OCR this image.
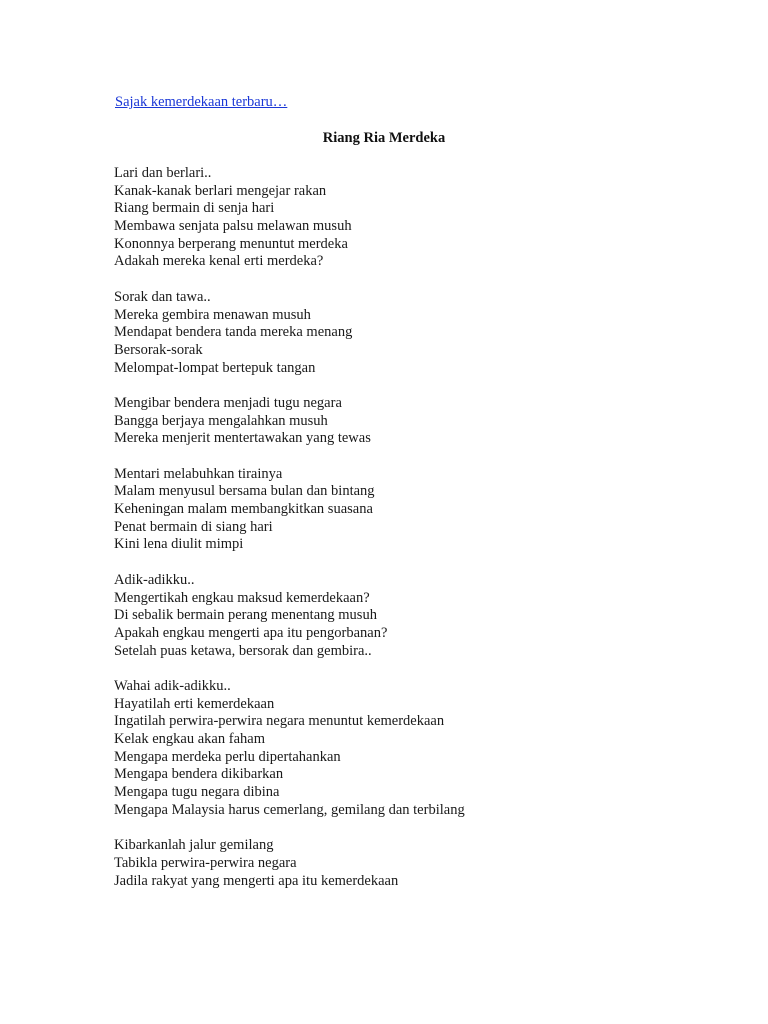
Sajak kemerdekaan terbaru…
Riang Ria Merdeka
Lari dan berlari..
Kanak-kanak berlari mengejar rakan
Riang bermain di senja hari
Membawa senjata palsu melawan musuh
Kononnya berperang menuntut merdeka
Adakah mereka kenal erti merdeka?
Sorak dan tawa..
Mereka gembira menawan musuh
Mendapat bendera tanda mereka menang
Bersorak-sorak
Melompat-lompat bertepuk tangan
Mengibar bendera menjadi tugu negara
Bangga berjaya mengalahkan musuh
Mereka menjerit mentertawakan yang tewas
Mentari melabuhkan tirainya
Malam menyusul bersama bulan dan bintang
Keheningan malam membangkitkan suasana
Penat bermain di siang hari
Kini lena diulit mimpi
Adik-adikku..
Mengertikah engkau maksud kemerdekaan?
Di sebalik bermain perang menentang musuh
Apakah engkau mengerti apa itu pengorbanan?
Setelah puas ketawa, bersorak dan gembira..
Wahai adik-adikku..
Hayatilah erti kemerdekaan
Ingatilah perwira-perwira negara menuntut kemerdekaan
Kelak engkau akan faham
Mengapa merdeka perlu dipertahankan
Mengapa bendera dikibarkan
Mengapa tugu negara dibina
Mengapa Malaysia harus cemerlang, gemilang dan terbilang
Kibarkanlah jalur gemilang
Tabikla perwira-perwira negara
Jadila rakyat yang mengerti apa itu kemerdekaan
